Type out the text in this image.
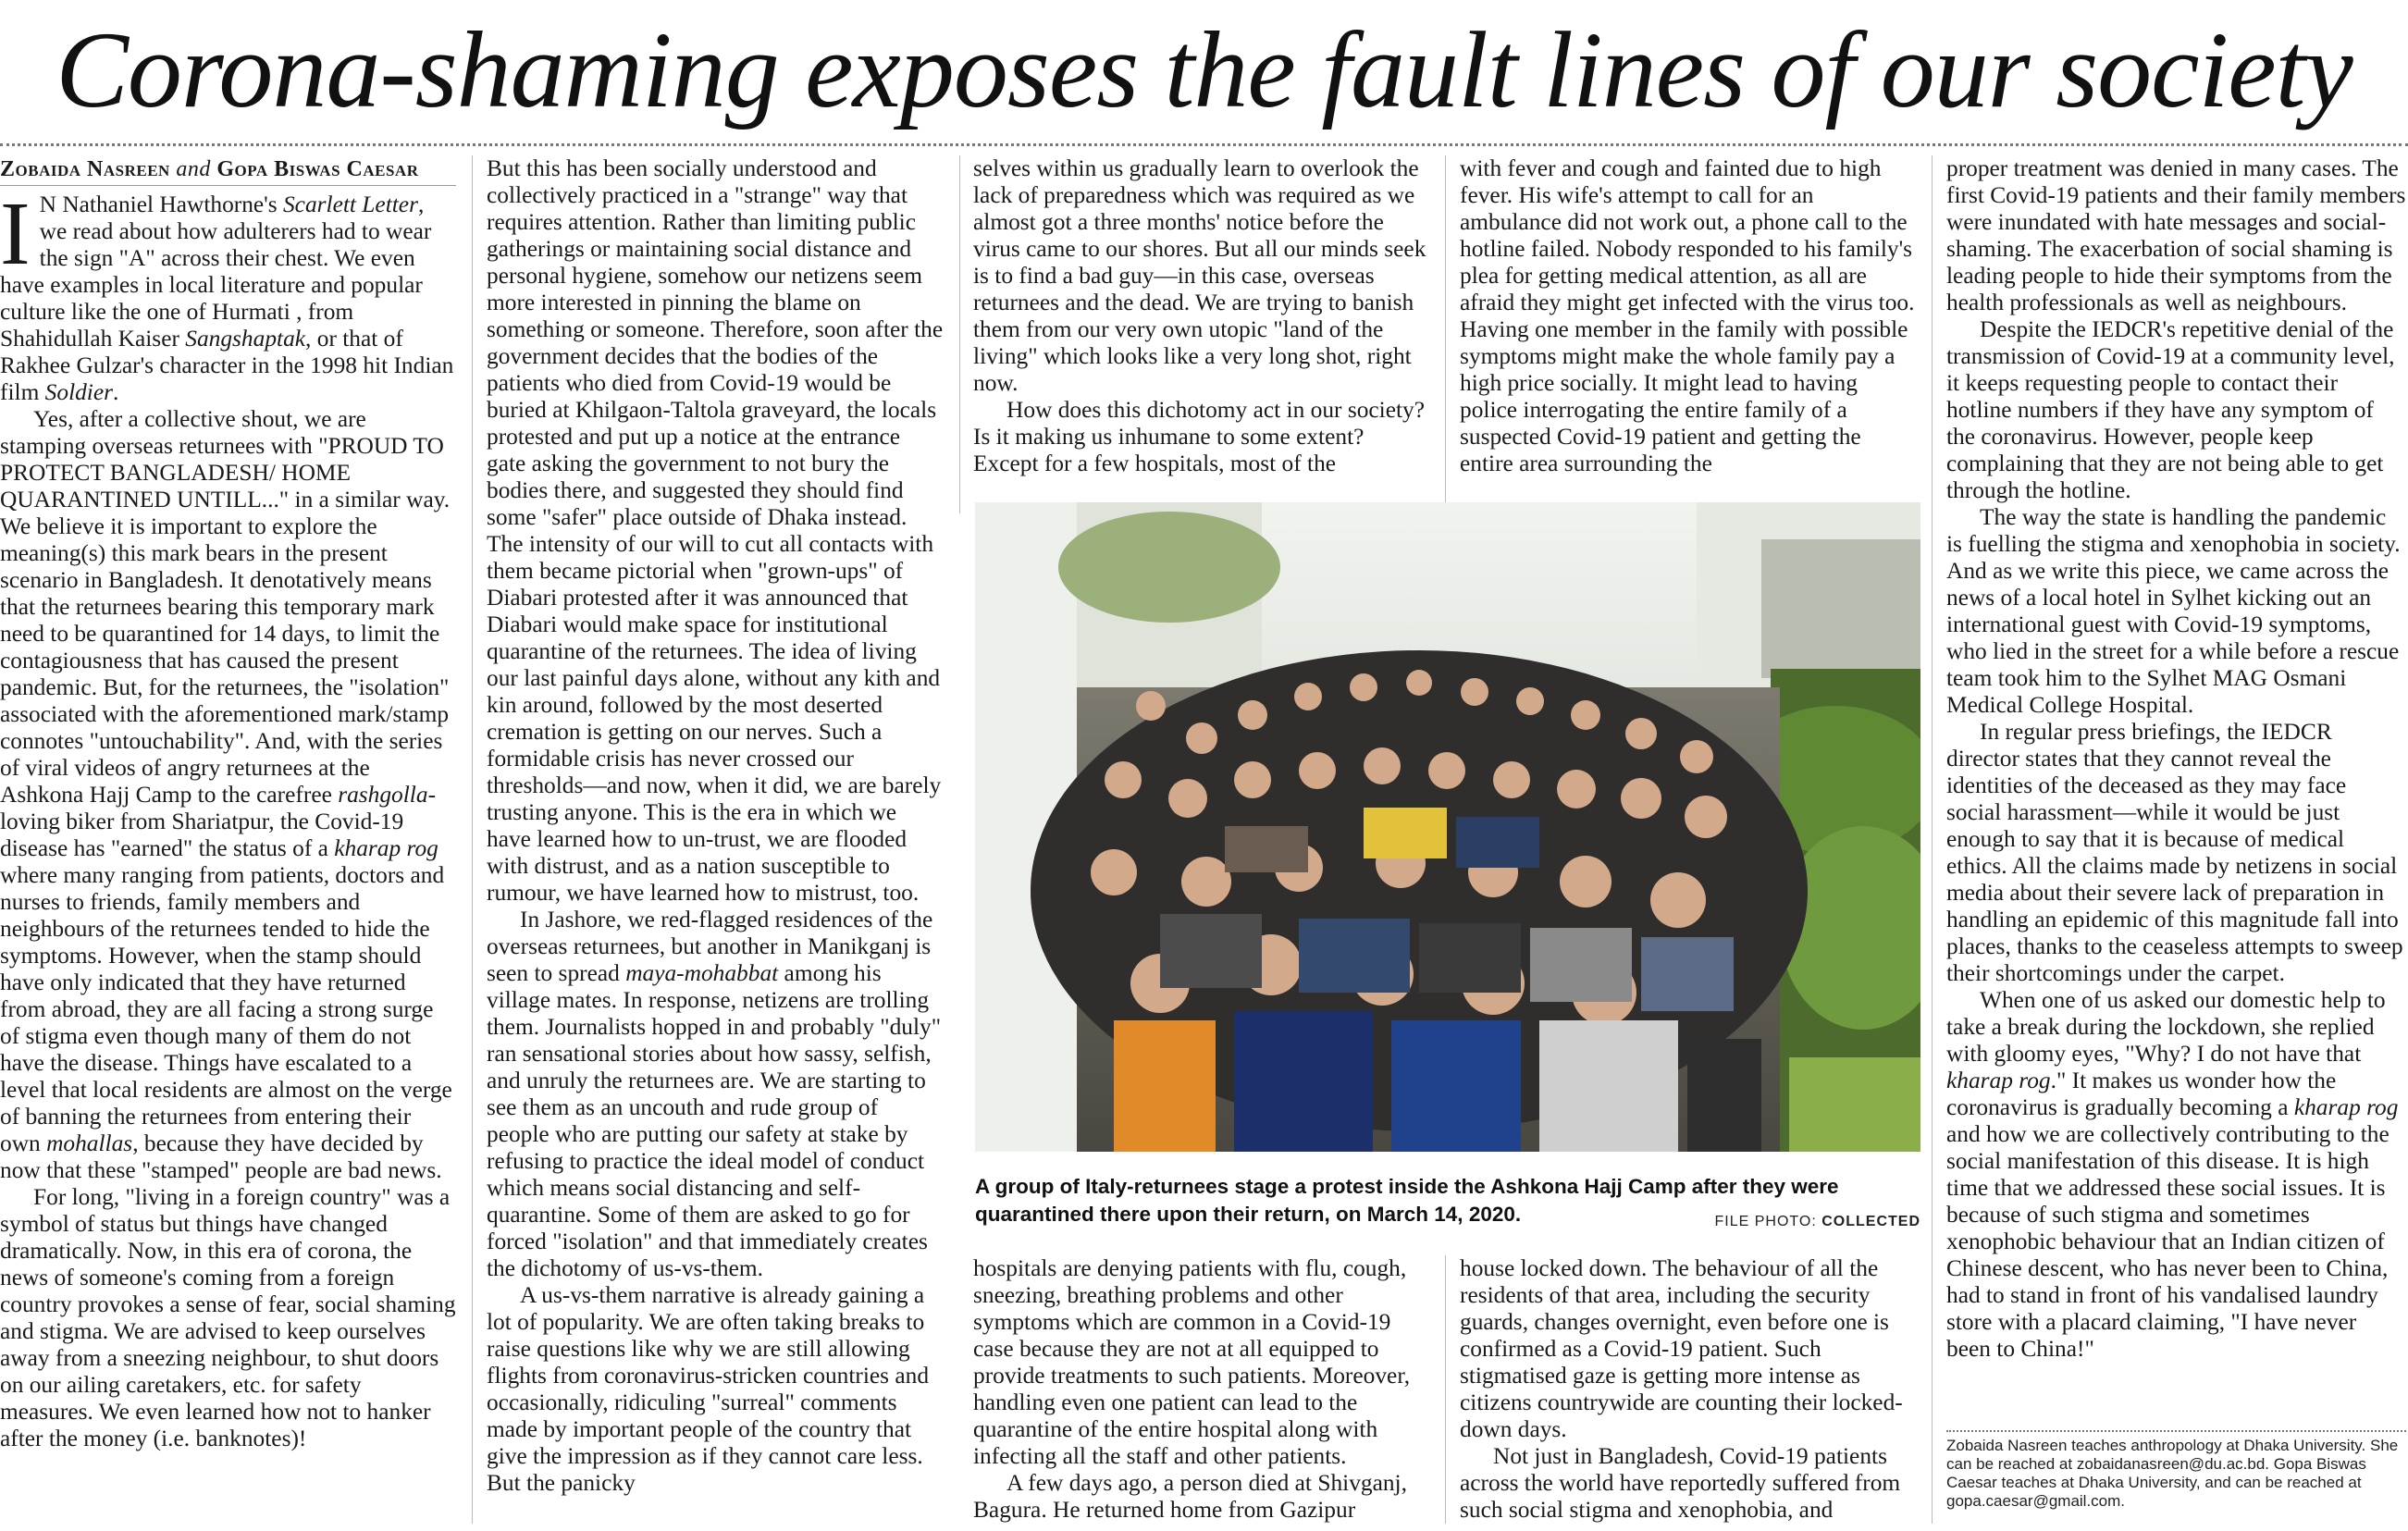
Corona-shaming exposes the fault lines of our society
Zobaida Nasreen and Gopa Biswas Caesar

I N Nathaniel Hawthorne's Scarlett Letter, we read about how adulterers had to wear the sign "A" across their chest. We even have examples in local literature and popular culture like the one of Hurmati , from Shahidullah Kaiser Sangshaptak, or that of Rakhee Gulzar's character in the 1998 hit Indian film Soldier.

Yes, after a collective shout, we are stamping overseas returnees with "PROUD TO PROTECT BANGLADESH/ HOME QUARANTINED UNTILL..." in a similar way. We believe it is important to explore the meaning(s) this mark bears in the present scenario in Bangladesh. It denotatively means that the returnees bearing this temporary mark need to be quarantined for 14 days, to limit the contagiousness that has caused the present pandemic. But, for the returnees, the "isolation" associated with the aforementioned mark/stamp connotes "untouchability". And, with the series of viral videos of angry returnees at the Ashkona Hajj Camp to the carefree rashgolla-loving biker from Shariatpur, the Covid-19 disease has "earned" the status of a kharap rog where many ranging from patients, doctors and nurses to friends, family members and neighbours of the returnees tended to hide the symptoms. However, when the stamp should have only indicated that they have returned from abroad, they are all facing a strong surge of stigma even though many of them do not have the disease. Things have escalated to a level that local residents are almost on the verge of banning the returnees from entering their own mohallas, because they have decided by now that these "stamped" people are bad news.

For long, "living in a foreign country" was a symbol of status but things have changed dramatically. Now, in this era of corona, the news of someone's coming from a foreign country provokes a sense of fear, social shaming and stigma. We are advised to keep ourselves away from a sneezing neighbour, to shut doors on our ailing caretakers, etc. for safety measures. We even learned how not to hanker after the money (i.e. banknotes)!

But this has been socially understood and collectively practiced in a "strange" way that requires attention. Rather than limiting public gatherings or maintaining social distance and personal hygiene, somehow our netizens seem more interested in pinning the blame on something or someone. Therefore, soon after the government decides that the bodies of the patients who died from Covid-19 would be buried at Khilgaon-Taltola graveyard, the locals protested and put up a notice at the entrance gate asking the government to not bury the bodies there, and suggested they should find some "safer" place outside of Dhaka instead. The intensity of our will to cut all contacts with them became pictorial when "grown-ups" of Diabari protested after it was announced that Diabari would make space for institutional quarantine of the returnees. The idea of living our last painful days alone, without any kith and kin around, followed by the most deserted cremation is getting on our nerves. Such a formidable crisis has never crossed our thresholds—and now, when it did, we are barely trusting anyone. This is the era in which we have learned how to un-trust, we are flooded with distrust, and as a nation susceptible to rumour, we have learned how to mistrust, too.

In Jashore, we red-flagged residences of the overseas returnees, but another in Manikganj is seen to spread maya-mohabbat among his village mates. In response, netizens are trolling them. Journalists hopped in and probably "duly" ran sensational stories about how sassy, selfish, and unruly the returnees are. We are starting to see them as an uncouth and rude group of people who are putting our safety at stake by refusing to practice the ideal model of conduct which means social distancing and self-quarantine. Some of them are asked to go for forced "isolation" and that immediately creates the dichotomy of us-vs-them.

A us-vs-them narrative is already gaining a lot of popularity. We are often taking breaks to raise questions like why we are still allowing flights from coronavirus-stricken countries and occasionally, ridiculing "surreal" comments made by important people of the country that give the impression as if they cannot care less. But the panicky

selves within us gradually learn to overlook the lack of preparedness which was required as we almost got a three months' notice before the virus came to our shores. But all our minds seek is to find a bad guy—in this case, overseas returnees and the dead. We are trying to banish them from our very own utopic "land of the living" which looks like a very long shot, right now.

How does this dichotomy act in our society? Is it making us inhumane to some extent? Except for a few hospitals, most of the

with fever and cough and fainted due to high fever. His wife's attempt to call for an ambulance did not work out, a phone call to the hotline failed. Nobody responded to his family's plea for getting medical attention, as all are afraid they might get infected with the virus too. Having one member in the family with possible symptoms might make the whole family pay a high price socially. It might lead to having police interrogating the entire family of a suspected Covid-19 patient and getting the entire area surrounding the

A group of Italy-returnees stage a protest inside the Ashkona Hajj Camp after they were quarantined there upon their return, on March 14, 2020.	FILE PHOTO: COLLECTED

hospitals are denying patients with flu, cough, sneezing, breathing problems and other symptoms which are common in a Covid-19 case because they are not at all equipped to provide treatments to such patients. Moreover, handling even one patient can lead to the quarantine of the entire hospital along with infecting all the staff and other patients.

A few days ago, a person died at Shivganj, Bagura. He returned home from Gazipur

house locked down. The behaviour of all the residents of that area, including the security guards, changes overnight, even before one is confirmed as a Covid-19 patient. Such stigmatised gaze is getting more intense as citizens countrywide are counting their locked-down days.

Not just in Bangladesh, Covid-19 patients across the world have reportedly suffered from such social stigma and xenophobia, and

proper treatment was denied in many cases. The first Covid-19 patients and their family members were inundated with hate messages and social-shaming. The exacerbation of social shaming is leading people to hide their symptoms from the health professionals as well as neighbours.

Despite the IEDCR's repetitive denial of the transmission of Covid-19 at a community level, it keeps requesting people to contact their hotline numbers if they have any symptom of the coronavirus. However, people keep complaining that they are not being able to get through the hotline.

The way the state is handling the pandemic is fuelling the stigma and xenophobia in society. And as we write this piece, we came across the news of a local hotel in Sylhet kicking out an international guest with Covid-19 symptoms, who lied in the street for a while before a rescue team took him to the Sylhet MAG Osmani Medical College Hospital.

In regular press briefings, the IEDCR director states that they cannot reveal the identities of the deceased as they may face social harassment—while it would be just enough to say that it is because of medical ethics. All the claims made by netizens in social media about their severe lack of preparation in handling an epidemic of this magnitude fall into places, thanks to the ceaseless attempts to sweep their shortcomings under the carpet.

When one of us asked our domestic help to take a break during the lockdown, she replied with gloomy eyes, "Why? I do not have that kharap rog." It makes us wonder how the coronavirus is gradually becoming a kharap rog and how we are collectively contributing to the social manifestation of this disease. It is high time that we addressed these social issues. It is because of such stigma and sometimes xenophobic behaviour that an Indian citizen of Chinese descent, who has never been to China, had to stand in front of his vandalised laundry store with a placard claiming, "I have never been to China!"

Zobaida Nasreen teaches anthropology at Dhaka University. She can be reached at zobaidanasreen@du.ac.bd. Gopa Biswas Caesar teaches at Dhaka University, and can be reached at gopa.caesar@gmail.com.
